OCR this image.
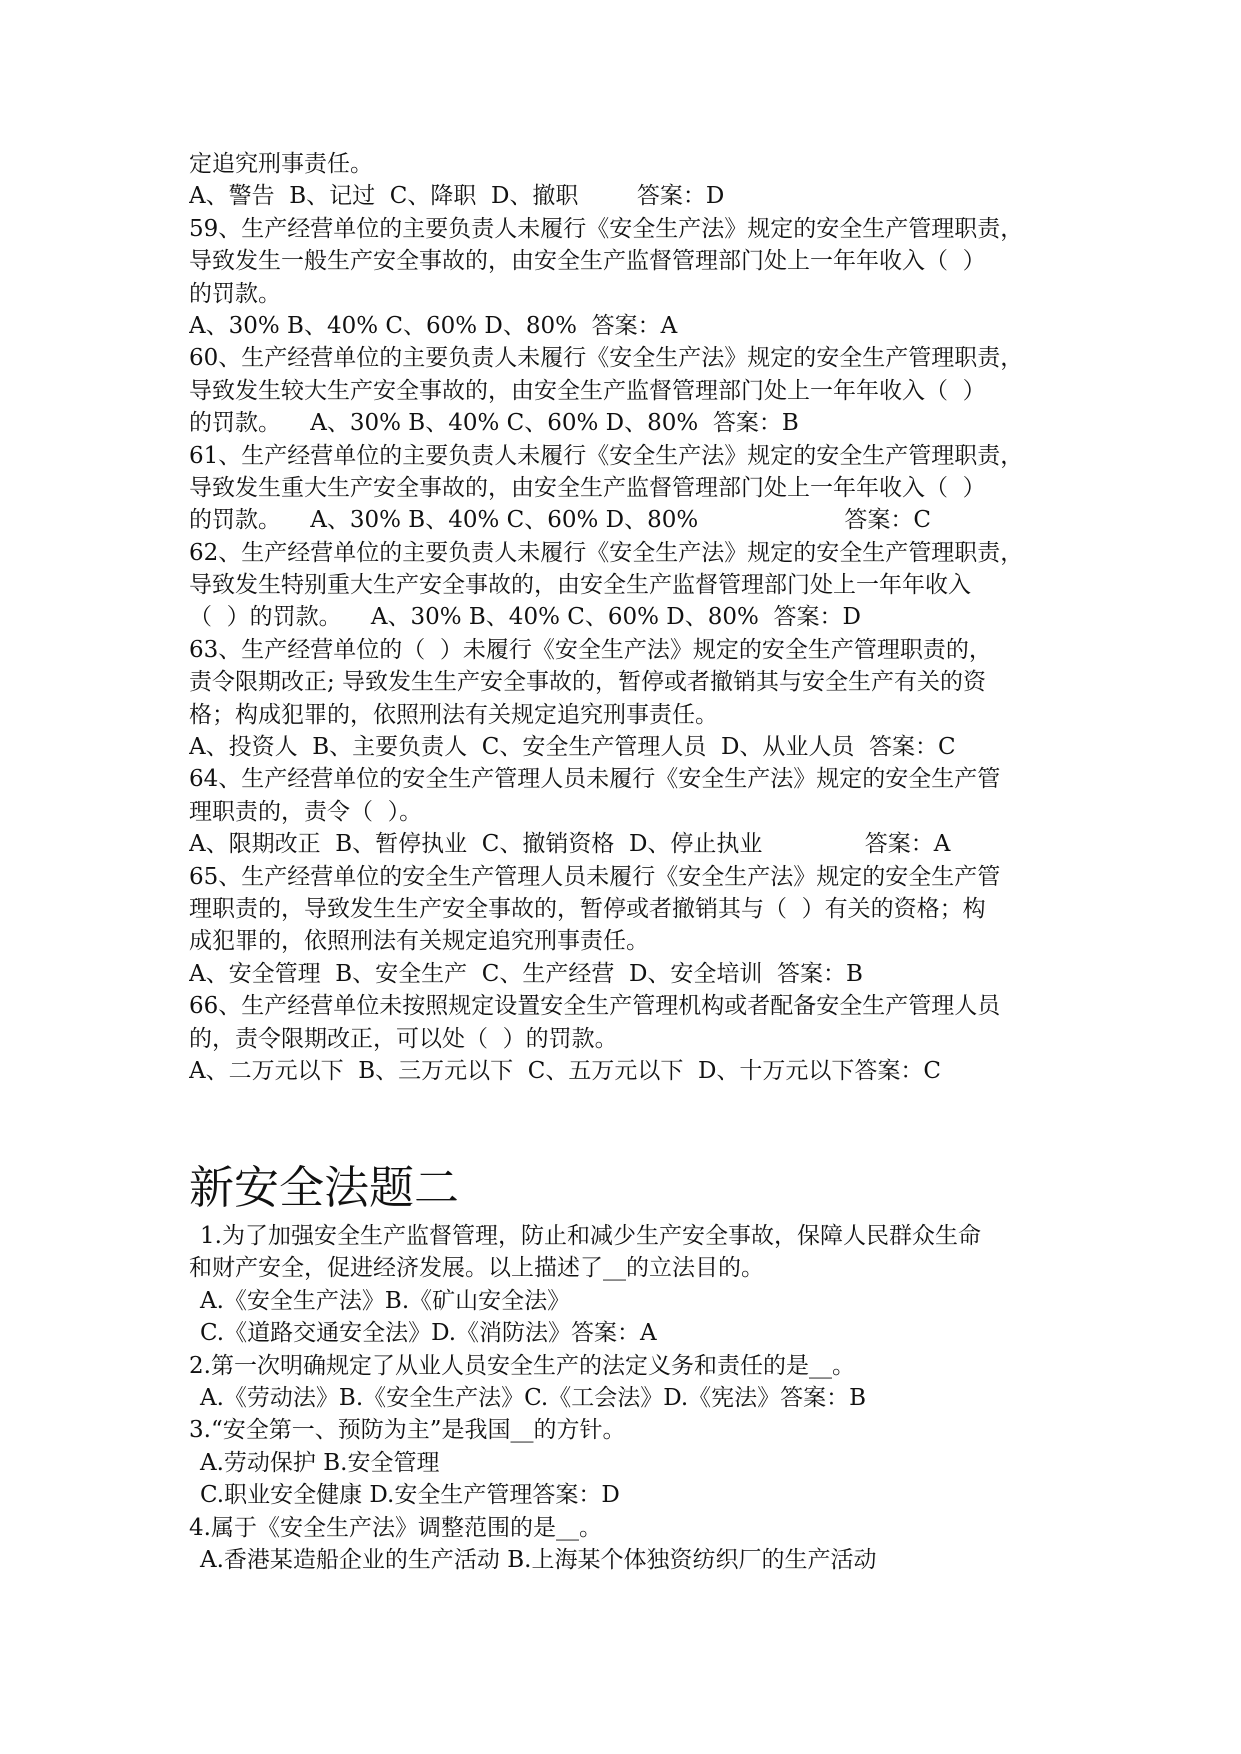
定追究刑事责任。
A、警告  B、记过  C、降职  D、撤职        答案：D
59、生产经营单位的主要负责人未履行《安全生产法》规定的安全生产管理职责，
导致发生一般生产安全事故的，由安全生产监督管理部门处上一年年收入（  ）
的罚款。
A、30% B、40% C、60% D、80%  答案：A
60、生产经营单位的主要负责人未履行《安全生产法》规定的安全生产管理职责，
导致发生较大生产安全事故的，由安全生产监督管理部门处上一年年收入（  ）
的罚款。    A、30% B、40% C、60% D、80%  答案：B
61、生产经营单位的主要负责人未履行《安全生产法》规定的安全生产管理职责，
导致发生重大生产安全事故的，由安全生产监督管理部门处上一年年收入（  ）
的罚款。    A、30% B、40% C、60% D、80%                    答案：C
62、生产经营单位的主要负责人未履行《安全生产法》规定的安全生产管理职责，
导致发生特别重大生产安全事故的，由安全生产监督管理部门处上一年年收入
（  ）的罚款。    A、30% B、40% C、60% D、80%  答案：D
63、生产经营单位的（  ）未履行《安全生产法》规定的安全生产管理职责的，
责令限期改正; 导致发生生产安全事故的，暂停或者撤销其与安全生产有关的资
格；构成犯罪的，依照刑法有关规定追究刑事责任。
A、投资人  B、主要负责人  C、安全生产管理人员  D、从业人员  答案：C
64、生产经营单位的安全生产管理人员未履行《安全生产法》规定的安全生产管
理职责的，责令（  ）。
A、限期改正  B、暂停执业  C、撤销资格  D、停止执业              答案：A
65、生产经营单位的安全生产管理人员未履行《安全生产法》规定的安全生产管
理职责的，导致发生生产安全事故的，暂停或者撤销其与（  ）有关的资格；构
成犯罪的，依照刑法有关规定追究刑事责任。
A、安全管理  B、安全生产  C、生产经营  D、安全培训  答案：B
66、生产经营单位未按照规定设置安全生产管理机构或者配备安全生产管理人员
的，责令限期改正，可以处（  ）的罚款。
A、二万元以下  B、三万元以下  C、五万元以下  D、十万元以下答案：C
新安全法题二
1.为了加强安全生产监督管理，防止和减少生产安全事故，保障人民群众生命
和财产安全，促进经济发展。以上描述了__的立法目的。
A.《安全生产法》B.《矿山安全法》
C.《道路交通安全法》D.《消防法》答案：A
2.第一次明确规定了从业人员安全生产的法定义务和责任的是__。
A.《劳动法》B.《安全生产法》C.《工会法》D.《宪法》答案：B
3.“安全第一、预防为主”是我国__的方针。
A.劳动保护 B.安全管理
C.职业安全健康 D.安全生产管理答案：D
4.属于《安全生产法》调整范围的是__。
A.香港某造船企业的生产活动 B.上海某个体独资纺织厂的生产活动
